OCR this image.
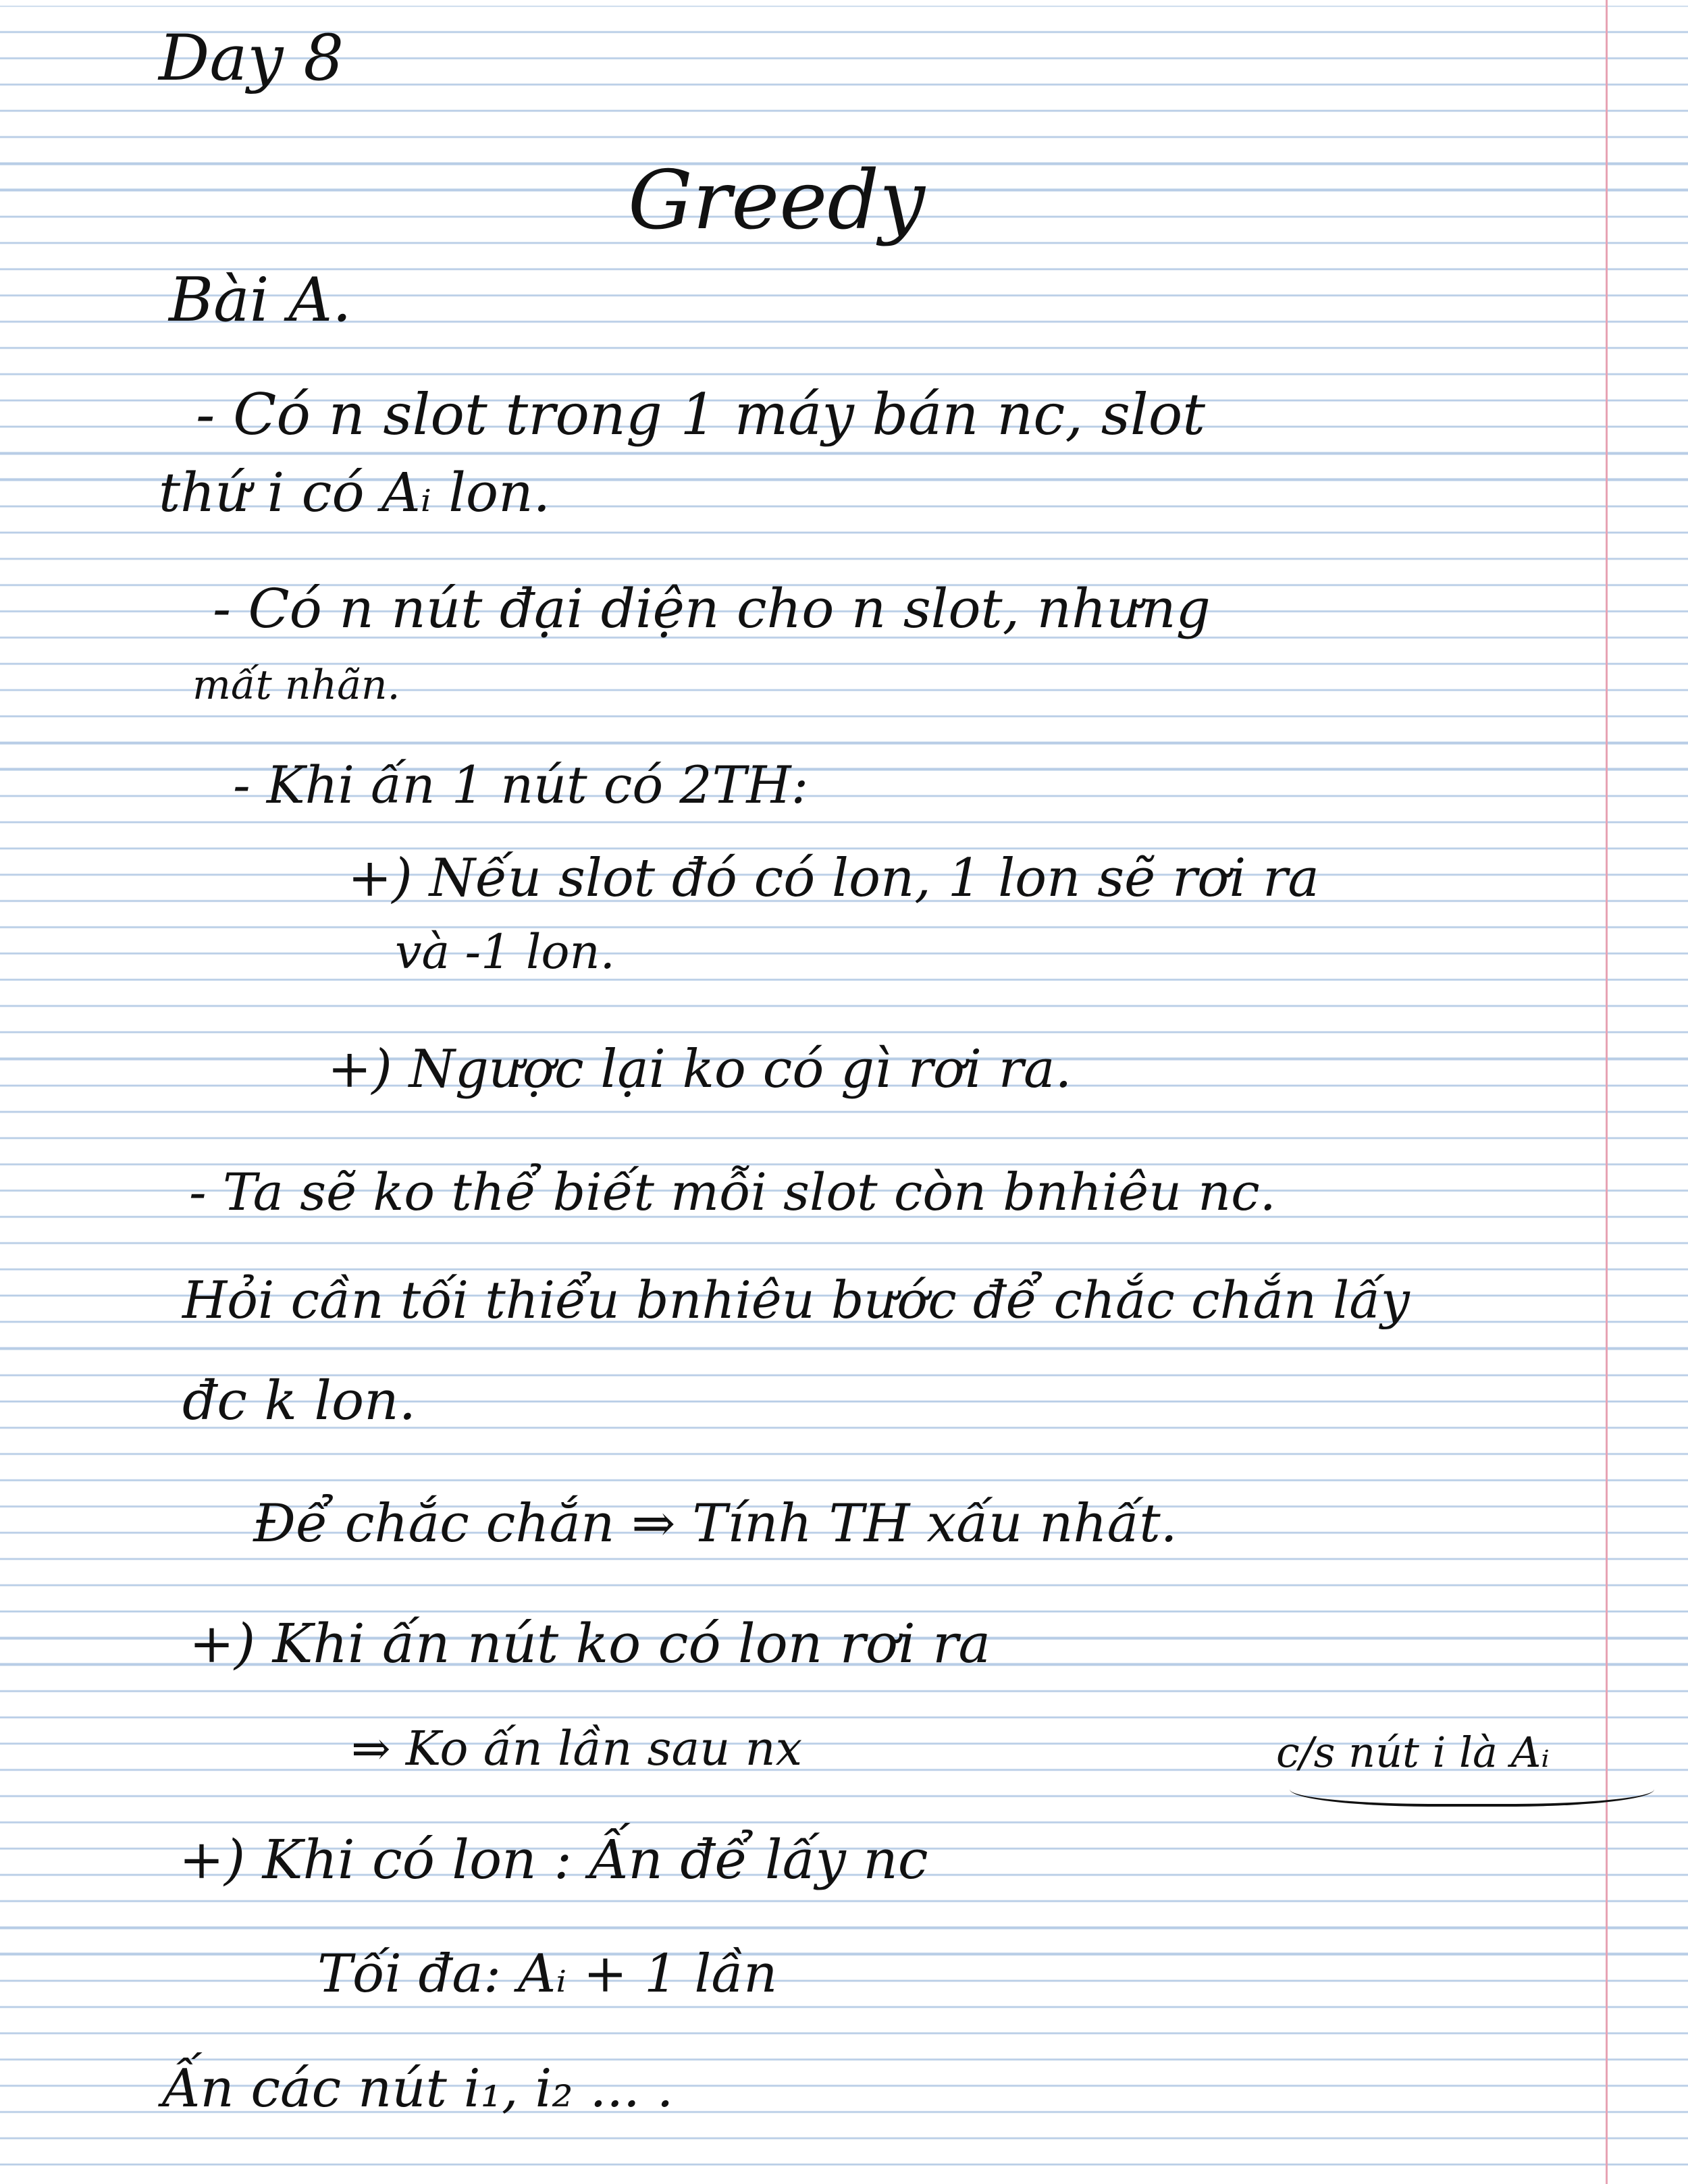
Day 8
Greedy
Bài A.
- Có n slot trong 1 máy bán nc, slot
thứ i có Aᵢ lon.
- Có n nút đại diện cho n slot, nhưng
mất nhãn.
- Khi ấn 1 nút có 2TH:
+) Nếu slot đó có lon, 1 lon sẽ rơi ra
và -1 lon.
+) Ngược lại ko có gì rơi ra.
- Ta sẽ ko thể biết mỗi slot còn bnhiêu nc.
Hỏi cần tối thiểu bnhiêu bước để chắc chắn lấy
đc k lon.
Để chắc chắn ⇒ Tính TH xấu nhất.
+) Khi ấn nút ko có lon rơi ra
⇒ Ko ấn lần sau nx
+) Khi có lon : Ấn để lấy nc
Tối đa: Aᵢ + 1 lần
Ấn các nút i₁, i₂ ... .
c/s nút i là Aᵢ
